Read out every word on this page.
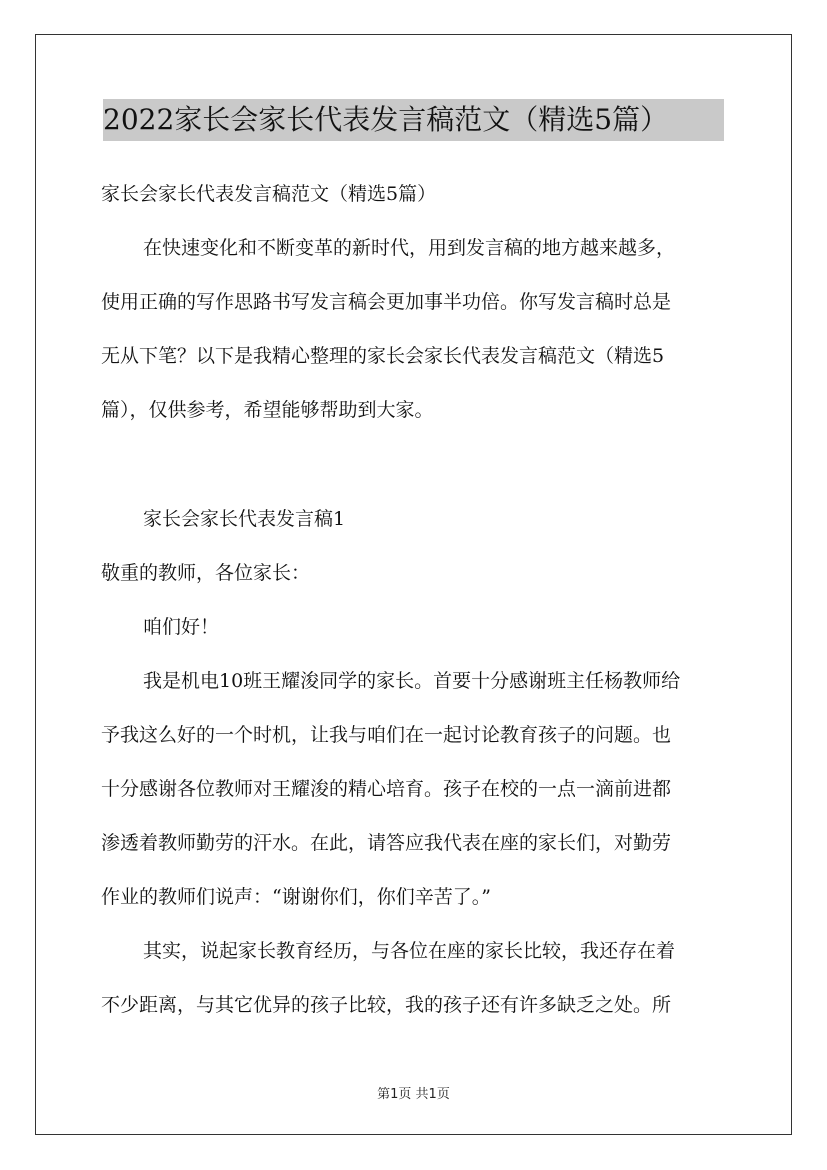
2022家长会家长代表发言稿范文（精选5篇）
家长会家长代表发言稿范文（精选5篇）
在快速变化和不断变革的新时代，用到发言稿的地方越来越多，
使用正确的写作思路书写发言稿会更加事半功倍。你写发言稿时总是
无从下笔？以下是我精心整理的家长会家长代表发言稿范文（精选5
篇），仅供参考，希望能够帮助到大家。
家长会家长代表发言稿1
敬重的教师，各位家长：
咱们好！
我是机电10班王耀浚同学的家长。首要十分感谢班主任杨教师给
予我这么好的一个时机，让我与咱们在一起讨论教育孩子的问题。也
十分感谢各位教师对王耀浚的精心培育。孩子在校的一点一滴前进都
渗透着教师勤劳的汗水。在此，请答应我代表在座的家长们，对勤劳
作业的教师们说声：“谢谢你们，你们辛苦了。”
其实，说起家长教育经历，与各位在座的家长比较，我还存在着
不少距离，与其它优异的孩子比较，我的孩子还有许多缺乏之处。所
第1页 共1页
